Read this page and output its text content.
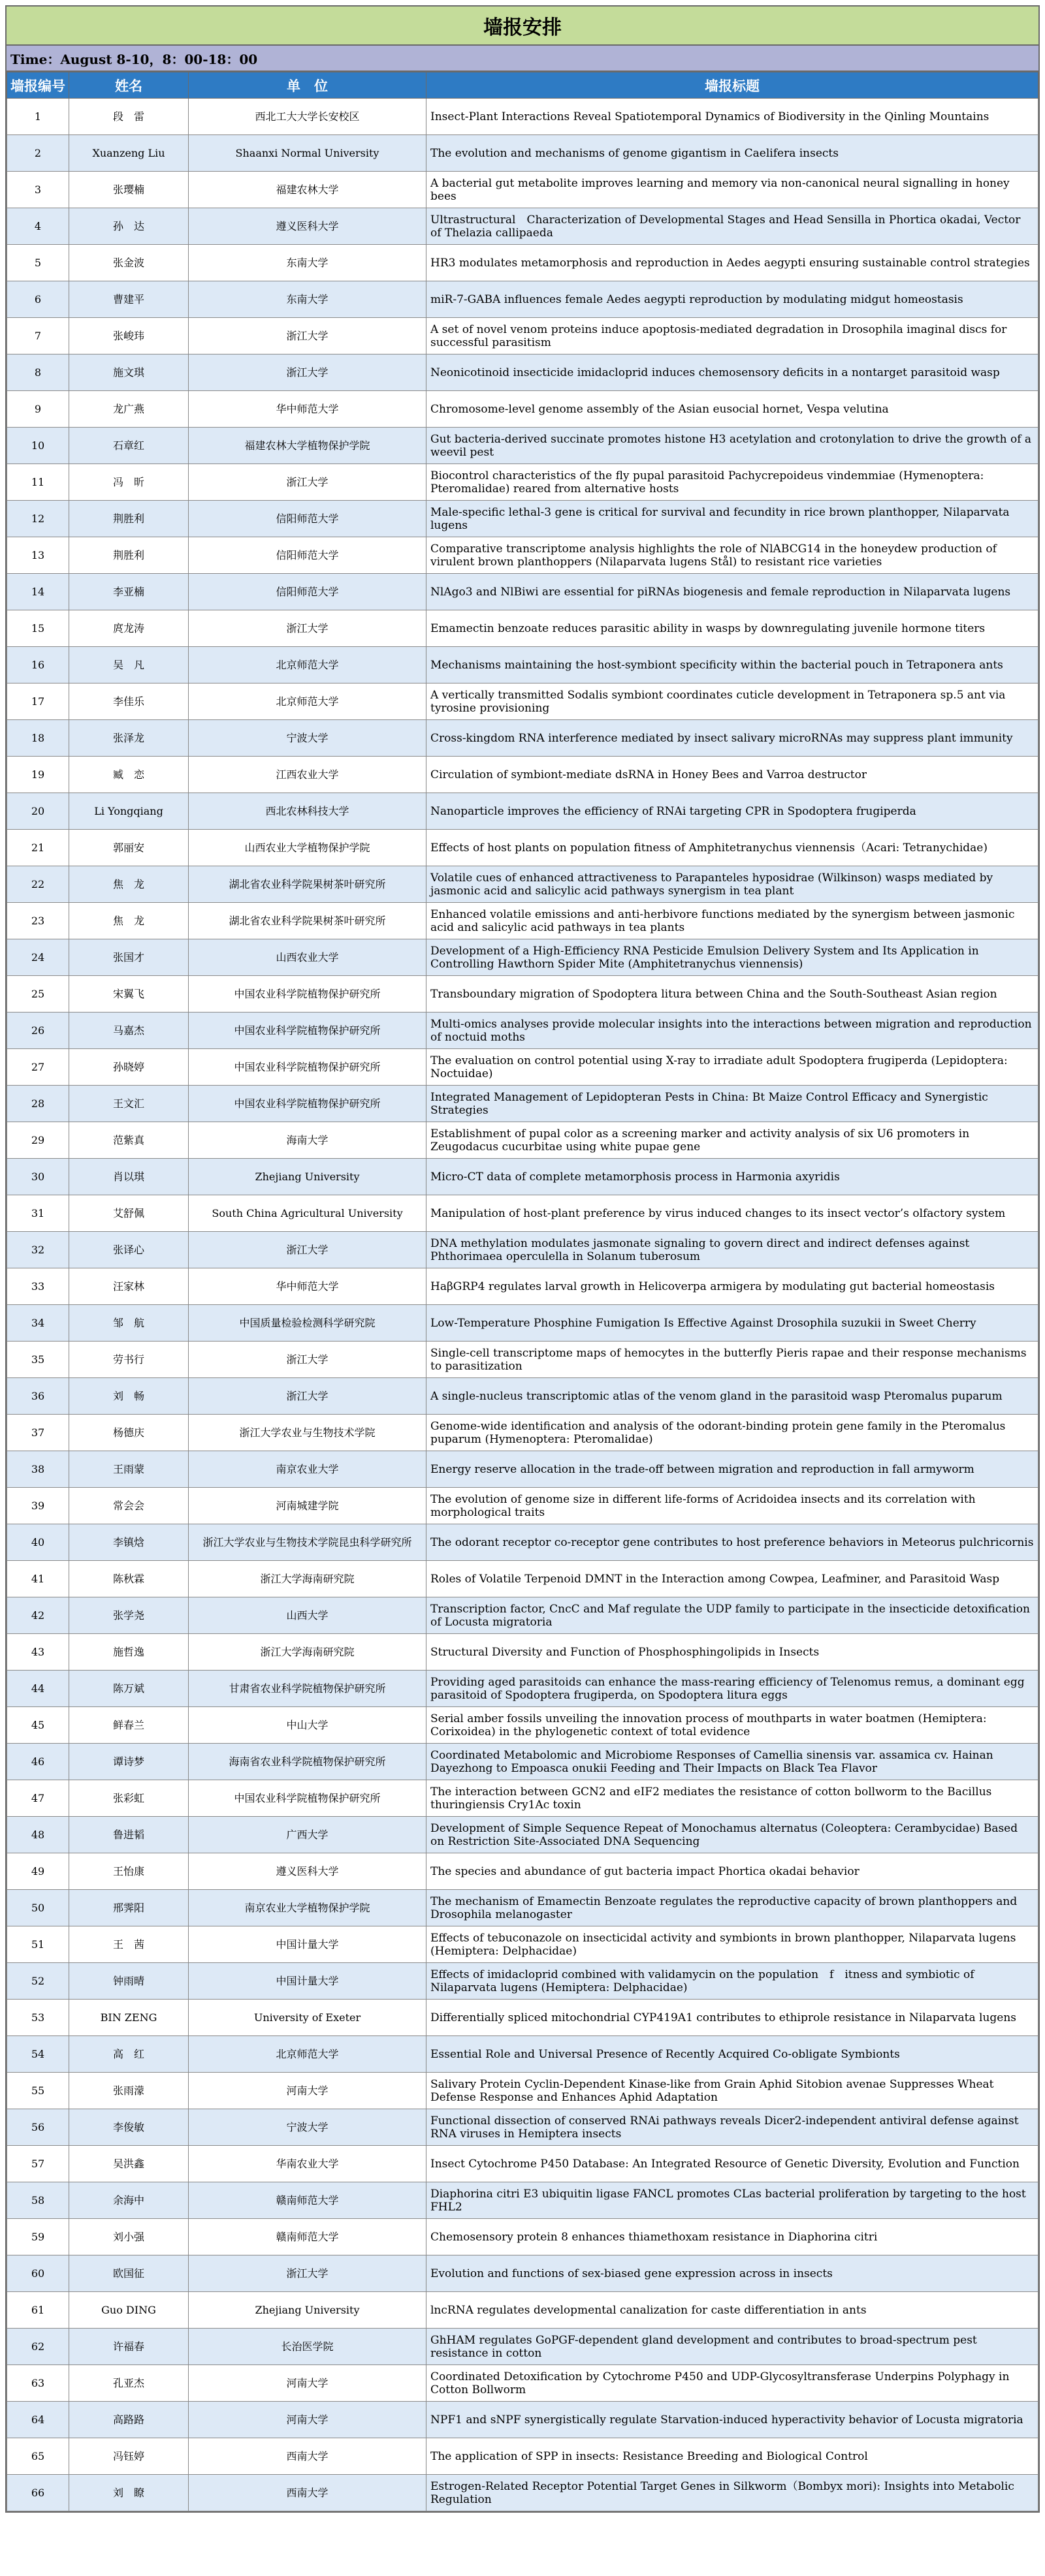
墙报安排
Time：August 8-10，8：00-18：00
墙报编号	姓名	单　位	墙报标题
1	段　雷	西北工大大学长安校区	Insect-Plant Interactions Reveal Spatiotemporal Dynamics of Biodiversity in the Qinling Mountains
2	Xuanzeng Liu	Shaanxi Normal University	The evolution and mechanisms of genome gigantism in Caelifera insects
3	张璎楠	福建农林大学	A bacterial gut metabolite improves learning and memory via non-canonical neural signalling in honey bees
4	孙　达	遵义医科大学	Ultrastructural　Characterization of Developmental Stages and Head Sensilla in Phortica okadai, Vector of Thelazia callipaeda
5	张金波	东南大学	HR3 modulates metamorphosis and reproduction in Aedes aegypti ensuring sustainable control strategies
6	曹建平	东南大学	miR-7-GABA influences female Aedes aegypti reproduction by modulating midgut homeostasis
7	张峻玮	浙江大学	A set of novel venom proteins induce apoptosis-mediated degradation in Drosophila imaginal discs for successful parasitism
8	施文琪	浙江大学	Neonicotinoid insecticide imidacloprid induces chemosensory deficits in a nontarget parasitoid wasp
9	龙广燕	华中师范大学	Chromosome-level genome assembly of the Asian eusocial hornet, Vespa velutina
10	石章红	福建农林大学植物保护学院	Gut bacteria-derived succinate promotes histone H3 acetylation and crotonylation to drive the growth of a weevil pest
11	冯　昕	浙江大学	Biocontrol characteristics of the fly pupal parasitoid Pachycrepoideus vindemmiae (Hymenoptera: Pteromalidae) reared from alternative hosts
12	荆胜利	信阳师范大学	Male-specific lethal-3 gene is critical for survival and fecundity in rice brown planthopper, Nilaparvata lugens
13	荆胜利	信阳师范大学	Comparative transcriptome analysis highlights the role of NlABCG14 in the honeydew production of virulent brown planthoppers (Nilaparvata lugens Stål) to resistant rice varieties
14	李亚楠	信阳师范大学	NlAgo3 and NlBiwi are essential for piRNAs biogenesis and female reproduction in Nilaparvata lugens
15	庹龙涛	浙江大学	Emamectin benzoate reduces parasitic ability in wasps by downregulating juvenile hormone titers
16	吴　凡	北京师范大学	Mechanisms maintaining the host-symbiont specificity within the bacterial pouch in Tetraponera ants
17	李佳乐	北京师范大学	A vertically transmitted Sodalis symbiont coordinates cuticle development in Tetraponera sp.5 ant via tyrosine provisioning
18	张泽龙	宁波大学	Cross-kingdom RNA interference mediated by insect salivary microRNAs may suppress plant immunity
19	臧　恋	江西农业大学	Circulation of symbiont-mediate dsRNA in Honey Bees and Varroa destructor
20	Li Yongqiang	西北农林科技大学	Nanoparticle improves the efficiency of RNAi targeting CPR in Spodoptera frugiperda
21	郭丽安	山西农业大学植物保护学院	Effects of host plants on population fitness of Amphitetranychus viennensis（Acari: Tetranychidae)
22	焦　龙	湖北省农业科学院果树茶叶研究所	Volatile cues of enhanced attractiveness to Parapanteles hyposidrae (Wilkinson) wasps mediated by jasmonic acid and salicylic acid pathways synergism in tea plant
23	焦　龙	湖北省农业科学院果树茶叶研究所	Enhanced volatile emissions and anti-herbivore functions mediated by the synergism between jasmonic acid and salicylic acid pathways in tea plants
24	张国才	山西农业大学	Development of a High-Efficiency RNA Pesticide Emulsion Delivery System and Its Application in Controlling Hawthorn Spider Mite (Amphitetranychus viennensis)
25	宋翼飞	中国农业科学院植物保护研究所	Transboundary migration of Spodoptera litura between China and the South-Southeast Asian region
26	马嘉杰	中国农业科学院植物保护研究所	Multi-omics analyses provide molecular insights into the interactions between migration and reproduction of noctuid moths
27	孙晓婷	中国农业科学院植物保护研究所	The evaluation on control potential using X-ray to irradiate adult Spodoptera frugiperda (Lepidoptera: Noctuidae)
28	王文汇	中国农业科学院植物保护研究所	Integrated Management of Lepidopteran Pests in China: Bt Maize Control Efficacy and Synergistic Strategies
29	范紫真	海南大学	Establishment of pupal color as a screening marker and activity analysis of six U6 promoters in Zeugodacus cucurbitae using white pupae gene
30	肖以琪	Zhejiang University	Micro-CT data of complete metamorphosis process in Harmonia axyridis
31	艾舒佩	South China Agricultural University	Manipulation of host-plant preference by virus induced changes to its insect vector’s olfactory system
32	张译心	浙江大学	DNA methylation modulates jasmonate signaling to govern direct and indirect defenses against Phthorimaea operculella in Solanum tuberosum
33	汪家林	华中师范大学	HaβGRP4 regulates larval growth in Helicoverpa armigera by modulating gut bacterial homeostasis
34	邹　航	中国质量检验检测科学研究院	Low-Temperature Phosphine Fumigation Is Effective Against Drosophila suzukii in Sweet Cherry
35	劳书行	浙江大学	Single-cell transcriptome maps of hemocytes in the butterfly Pieris rapae and their response mechanisms to parasitization
36	刘　畅	浙江大学	A single-nucleus transcriptomic atlas of the venom gland in the parasitoid wasp Pteromalus puparum
37	杨德庆	浙江大学农业与生物技术学院	Genome-wide identification and analysis of the odorant-binding protein gene family in the Pteromalus puparum (Hymenoptera: Pteromalidae)
38	王雨蒙	南京农业大学	Energy reserve allocation in the trade-off between migration and reproduction in fall armyworm
39	常会会	河南城建学院	The evolution of genome size in different life-forms of Acridoidea insects and its correlation with morphological traits
40	李镇焓	浙江大学农业与生物技术学院昆虫科学研究所	The odorant receptor co-receptor gene contributes to host preference behaviors in Meteorus pulchricornis
41	陈秋霖	浙江大学海南研究院	Roles of Volatile Terpenoid DMNT in the Interaction among Cowpea, Leafminer, and Parasitoid Wasp
42	张学尧	山西大学	Transcription factor, CncC and Maf regulate the UDP family to participate in the insecticide detoxification of Locusta migratoria
43	施哲逸	浙江大学海南研究院	Structural Diversity and Function of Phosphosphingolipids in Insects
44	陈万斌	甘肃省农业科学院植物保护研究所	Providing aged parasitoids can enhance the mass-rearing efficiency of Telenomus remus, a dominant egg parasitoid of Spodoptera frugiperda, on Spodoptera litura eggs
45	鲜春兰	中山大学	Serial amber fossils unveiling the innovation process of mouthparts in water boatmen (Hemiptera: Corixoidea) in the phylogenetic context of total evidence
46	谭诗梦	海南省农业科学院植物保护研究所	Coordinated Metabolomic and Microbiome Responses of Camellia sinensis var. assamica cv. Hainan Dayezhong to Empoasca onukii Feeding and Their Impacts on Black Tea Flavor
47	张彩虹	中国农业科学院植物保护研究所	The interaction between GCN2 and eIF2 mediates the resistance of cotton bollworm to the Bacillus thuringiensis Cry1Ac toxin
48	鲁进韬	广西大学	Development of Simple Sequence Repeat of Monochamus alternatus (Coleoptera: Cerambycidae) Based on Restriction Site-Associated DNA Sequencing
49	王怡康	遵义医科大学	The species and abundance of gut bacteria impact Phortica okadai behavior
50	邢霁阳	南京农业大学植物保护学院	The mechanism of Emamectin Benzoate regulates the reproductive capacity of brown planthoppers and Drosophila melanogaster
51	王　茜	中国计量大学	Effects of tebuconazole on insecticidal activity and symbionts in brown planthopper, Nilaparvata lugens (Hemiptera: Delphacidae)
52	钟雨晴	中国计量大学	Effects of imidacloprid combined with validamycin on the population　f　itness and symbiotic of Nilaparvata lugens (Hemiptera: Delphacidae)
53	BIN ZENG	University of Exeter	Differentially spliced mitochondrial CYP419A1 contributes to ethiprole resistance in Nilaparvata lugens
54	高　红	北京师范大学	Essential Role and Universal Presence of Recently Acquired Co-obligate Symbionts
55	张雨濛	河南大学	Salivary Protein Cyclin-Dependent Kinase-like from Grain Aphid Sitobion avenae Suppresses Wheat Defense Response and Enhances Aphid Adaptation
56	李俊敏	宁波大学	Functional dissection of conserved RNAi pathways reveals Dicer2-independent antiviral defense against RNA viruses in Hemiptera insects
57	吴洪鑫	华南农业大学	Insect Cytochrome P450 Database: An Integrated Resource of Genetic Diversity, Evolution and Function
58	余海中	赣南师范大学	Diaphorina citri E3 ubiquitin ligase FANCL promotes CLas bacterial proliferation by targeting to the host FHL2
59	刘小强	赣南师范大学	Chemosensory protein 8 enhances thiamethoxam resistance in Diaphorina citri
60	欧国征	浙江大学	Evolution and functions of sex-biased gene expression across in insects
61	Guo DING	Zhejiang University	lncRNA regulates developmental canalization for caste differentiation in ants
62	许福春	长治医学院	GhHAM regulates GoPGF-dependent gland development and contributes to broad-spectrum pest resistance in cotton
63	孔亚杰	河南大学	Coordinated Detoxification by Cytochrome P450 and UDP-Glycosyltransferase Underpins Polyphagy in Cotton Bollworm
64	高路路	河南大学	NPF1 and sNPF synergistically regulate Starvation-induced hyperactivity behavior of Locusta migratoria
65	冯钰婷	西南大学	The application of SPP in insects: Resistance Breeding and Biological Control
66	刘　瞭	西南大学	Estrogen-Related Receptor Potential Target Genes in Silkworm（Bombyx mori): Insights into Metabolic Regulation
